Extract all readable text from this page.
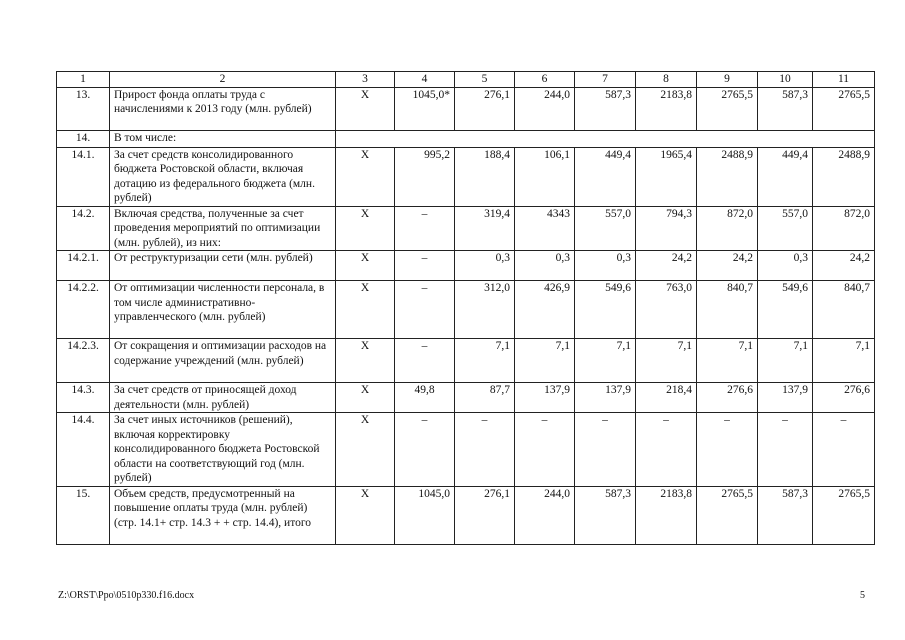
1	2	3	4	5	6	7	8	9	10	11
13.	Прирост фонда оплаты труда с начислениями к 2013 году (млн. рублей)	X	1045,0*	276,1	244,0	587,3	2183,8	2765,5	587,3	2765,5
14.	В том числе:									
14.1.	За счет средств консолидированного бюджета Ростовской области, включая дотацию из федерального бюджета (млн. рублей)	X	995,2	188,4	106,1	449,4	1965,4	2488,9	449,4	2488,9
14.2.	Включая средства, полученные за счет проведения мероприятий по оптимизации (млн. рублей), из них:	X	–	319,4	4343	557,0	794,3	872,0	557,0	872,0
14.2.1.	От реструктуризации сети (млн. рублей)	X	–	0,3	0,3	0,3	24,2	24,2	0,3	24,2
14.2.2.	От оптимизации численности персонала, в том числе административно-управленческого (млн. рублей)	X	–	312,0	426,9	549,6	763,0	840,7	549,6	840,7
14.2.3.	От сокращения и оптимизации расходов на содержание учреждений (млн. рублей)	X	–	7,1	7,1	7,1	7,1	7,1	7,1	7,1
14.3.	За счет средств от приносящей доход деятельности (млн. рублей)	X	49,8	87,7	137,9	137,9	218,4	276,6	137,9	276,6
14.4.	За счет иных источников (решений), включая корректировку консолидированного бюджета Ростовской области на соответствующий год (млн. рублей)	X	–	–	–	–	–	–	–	–
15.	Объем средств, предусмотренный на повышение оплаты труда (млн. рублей) (стр. 14.1+ стр. 14.3 + + стр. 14.4), итого	X	1045,0	276,1	244,0	587,3	2183,8	2765,5	587,3	2765,5
Z:\ORST\Ppo\0510p330.f16.docx	5
